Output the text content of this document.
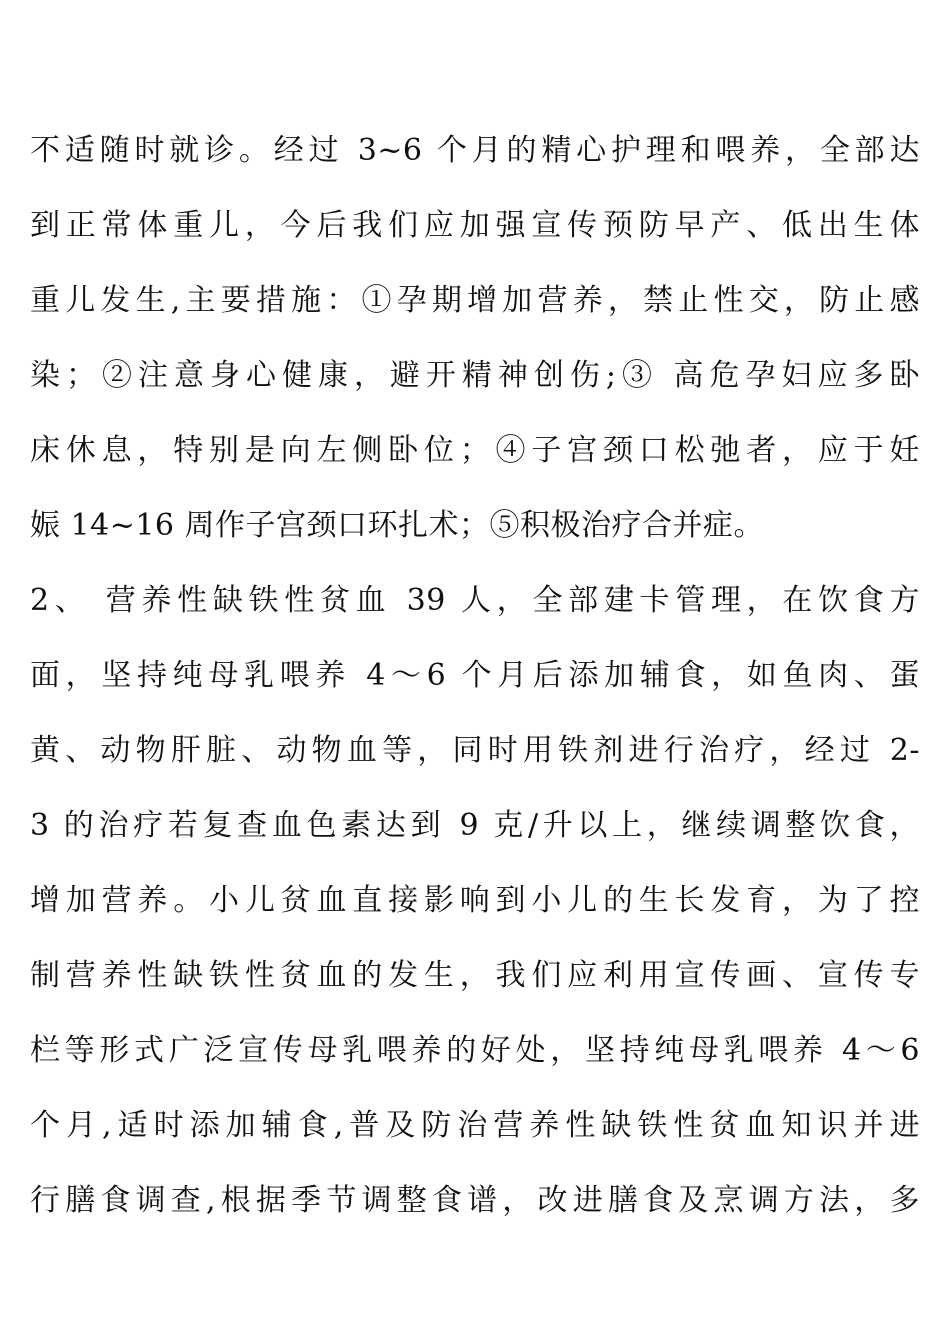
不适随时就诊。经过 3~6 个月的精心护理和喂养，全部达
到正常体重儿，今后我们应加强宣传预防早产、低出生体
重儿发生,主要措施：①孕期增加营养，禁止性交，防止感
染；②注意身心健康，避开精神创伤;③ 高危孕妇应多卧
床休息，特别是向左侧卧位；④子宫颈口松弛者，应于妊
娠 14~16 周作子宫颈口环扎术；⑤积极治疗合并症。
2、 营养性缺铁性贫血 39 人，全部建卡管理，在饮食方
面，坚持纯母乳喂养 4～6 个月后添加辅食，如鱼肉、蛋
黄、动物肝脏、动物血等，同时用铁剂进行治疗，经过 2-
3 的治疗若复查血色素达到 9 克/升以上，继续调整饮食，
增加营养。小儿贫血直接影响到小儿的生长发育，为了控
制营养性缺铁性贫血的发生，我们应利用宣传画、宣传专
栏等形式广泛宣传母乳喂养的好处，坚持纯母乳喂养 4～6
个月,适时添加辅食,普及防治营养性缺铁性贫血知识并进
行膳食调查,根据季节调整食谱，改进膳食及烹调方法，多
